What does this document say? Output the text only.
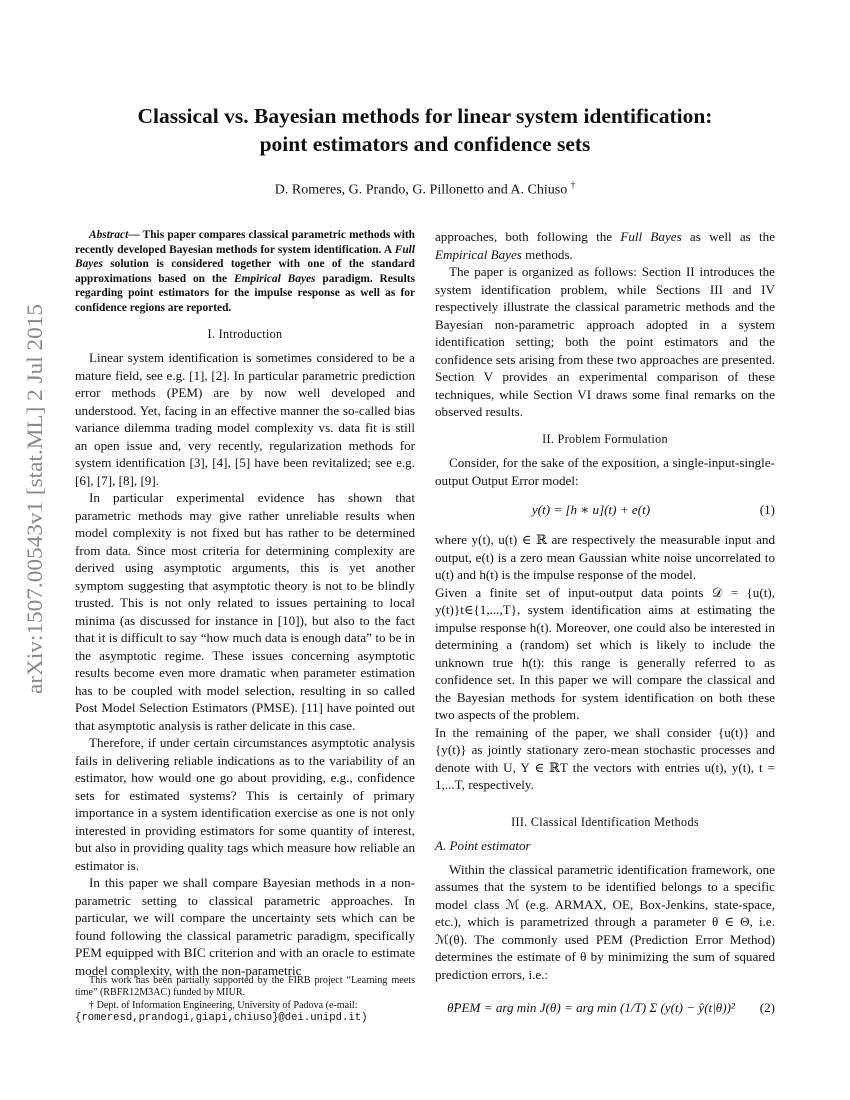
arXiv:1507.00543v1 [stat.ML] 2 Jul 2015
Classical vs. Bayesian methods for linear system identification:
point estimators and confidence sets
D. Romeres, G. Prando, G. Pillonetto and A. Chiuso †

Abstract— This paper compares classical parametric methods with recently developed Bayesian methods for system identification. A Full Bayes solution is considered together with one of the standard approximations based on the Empirical Bayes paradigm. Results regarding point estimators for the impulse response as well as for confidence regions are reported.

I. Introduction

Linear system identification is sometimes considered to be a mature field, see e.g. [1], [2]. In particular parametric prediction error methods (PEM) are by now well developed and understood. Yet, facing in an effective manner the so-called bias variance dilemma trading model complexity vs. data fit is still an open issue and, very recently, regularization methods for system identification [3], [4], [5] have been revitalized; see e.g. [6], [7], [8], [9].

In particular experimental evidence has shown that parametric methods may give rather unreliable results when model complexity is not fixed but has rather to be determined from data. Since most criteria for determining complexity are derived using asymptotic arguments, this is yet another symptom suggesting that asymptotic theory is not to be blindly trusted. This is not only related to issues pertaining to local minima (as discussed for instance in [10]), but also to the fact that it is difficult to say “how much data is enough data” to be in the asymptotic regime. These issues concerning asymptotic results become even more dramatic when parameter estimation has to be coupled with model selection, resulting in so called Post Model Selection Estimators (PMSE). [11] have pointed out that asymptotic analysis is rather delicate in this case.

Therefore, if under certain circumstances asymptotic analysis fails in delivering reliable indications as to the variability of an estimator, how would one go about providing, e.g., confidence sets for estimated systems? This is certainly of primary importance in a system identification exercise as one is not only interested in providing estimators for some quantity of interest, but also in providing quality tags which measure how reliable an estimator is.

In this paper we shall compare Bayesian methods in a non-parametric setting to classical parametric approaches. In particular, we will compare the uncertainty sets which can be found following the classical parametric paradigm, specifically PEM equipped with BIC criterion and with an oracle to estimate model complexity, with the non-parametric

approaches, both following the Full Bayes as well as the Empirical Bayes methods.

The paper is organized as follows: Section II introduces the system identification problem, while Sections III and IV respectively illustrate the classical parametric methods and the Bayesian non-parametric approach adopted in a system identification setting; both the point estimators and the confidence sets arising from these two approaches are presented. Section V provides an experimental comparison of these techniques, while Section VI draws some final remarks on the observed results.

II. Problem Formulation

Consider, for the sake of the exposition, a single-input-single-output Output Error model:

y(t) = [h ∗ u](t) + e(t)	(1)

where y(t), u(t) ∈ ℝ are respectively the measurable input and output, e(t) is a zero mean Gaussian white noise uncorrelated to u(t) and h(t) is the impulse response of the model.

Given a finite set of input-output data points 𝒟 = {u(t), y(t)}t∈{1,...,T}, system identification aims at estimating the impulse response h(t). Moreover, one could also be interested in determining a (random) set which is likely to include the unknown true h(t): this range is generally referred to as confidence set. In this paper we will compare the classical and the Bayesian methods for system identification on both these two aspects of the problem.

In the remaining of the paper, we shall consider {u(t)} and {y(t)} as jointly stationary zero-mean stochastic processes and denote with U, Y ∈ ℝT the vectors with entries u(t), y(t), t = 1,...T, respectively.

III. Classical Identification Methods
A. Point estimator

Within the classical parametric identification framework, one assumes that the system to be identified belongs to a specific model class ℳ (e.g. ARMAX, OE, Box-Jenkins, state-space, etc.), which is parametrized through a parameter θ ∈ Θ, i.e. ℳ(θ). The commonly used PEM (Prediction Error Method) determines the estimate of θ by minimizing the sum of squared prediction errors, i.e.:

θ̂PEM = arg min J(θ) = arg min (1/T) Σ (y(t) − ŷ(t|θ))²	(2)

This work has been partially supported by the FIRB project “Learning meets time” (RBFR12M3AC) funded by MIUR.

† Dept. of Information Engineering, University of Padova (e-mail:

{romeresd,prandogi,giapi,chiuso}@dei.unipd.it)
